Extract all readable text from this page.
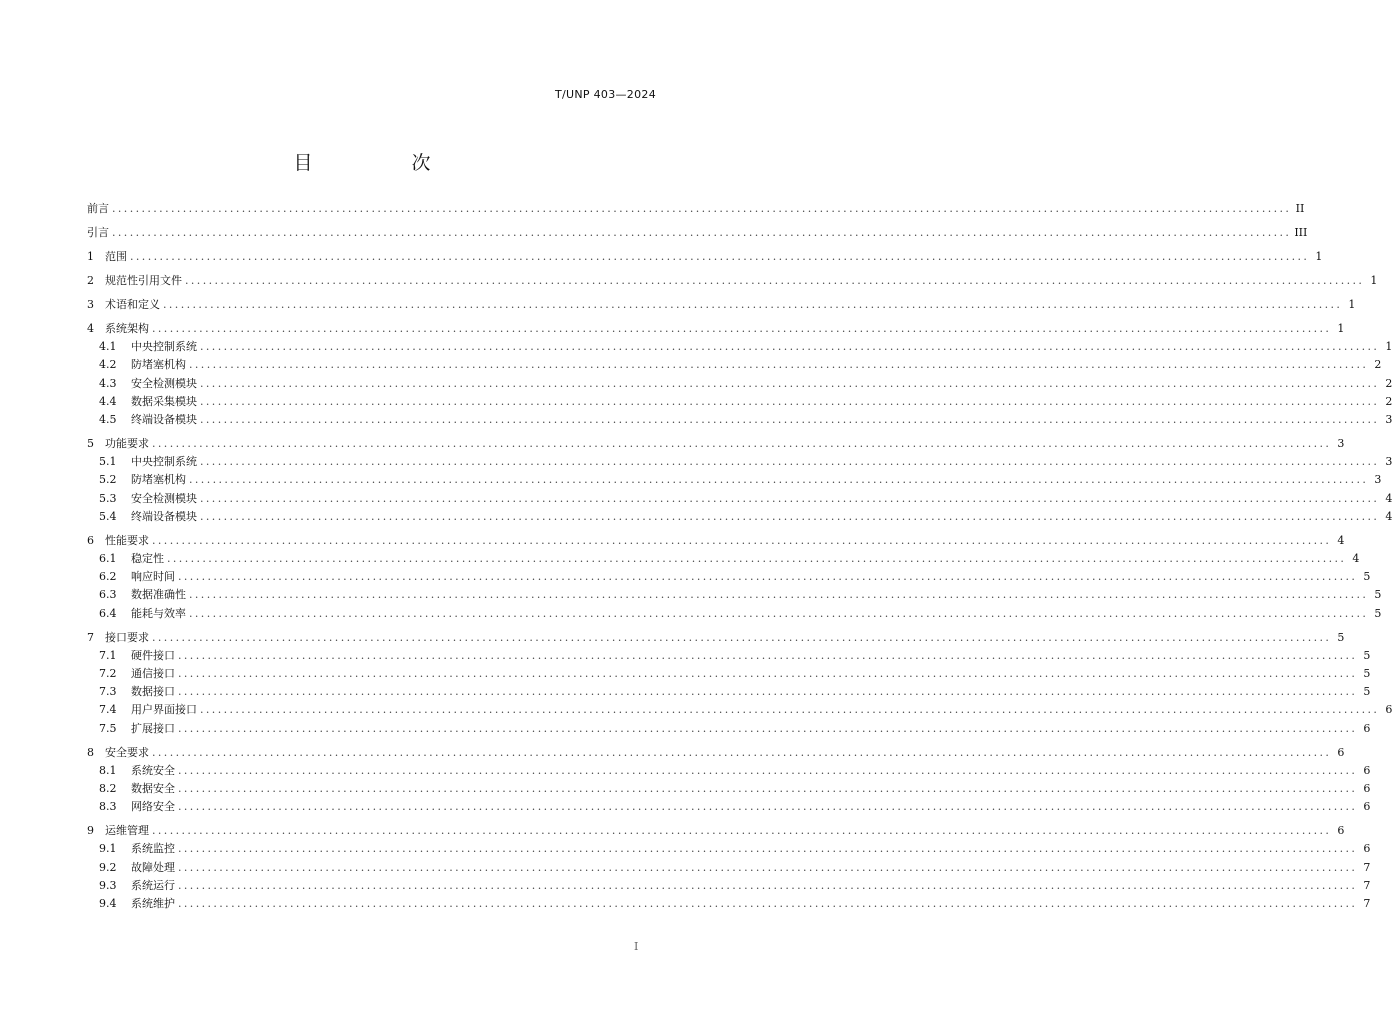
T/UNP 403—2024
目　次
前言 ........................................................................................................................................................................................................ II
引言 ........................................................................................................................................................................................................ III
1	范围 ........................................................................................................................................................................................................ 1
2	规范性引用文件 ........................................................................................................................................................................................................ 1
3	术语和定义 ........................................................................................................................................................................................................ 1
4	系统架构 ........................................................................................................................................................................................................ 1
4.1	中央控制系统 ........................................................................................................................................................................................................ 1
4.2	防堵塞机构 ........................................................................................................................................................................................................ 2
4.3	安全检测模块 ........................................................................................................................................................................................................ 2
4.4	数据采集模块 ........................................................................................................................................................................................................ 2
4.5	终端设备模块 ........................................................................................................................................................................................................ 3
5	功能要求 ........................................................................................................................................................................................................ 3
5.1	中央控制系统 ........................................................................................................................................................................................................ 3
5.2	防堵塞机构 ........................................................................................................................................................................................................ 3
5.3	安全检测模块 ........................................................................................................................................................................................................ 4
5.4	终端设备模块 ........................................................................................................................................................................................................ 4
6	性能要求 ........................................................................................................................................................................................................ 4
6.1	稳定性 ........................................................................................................................................................................................................ 4
6.2	响应时间 ........................................................................................................................................................................................................ 5
6.3	数据准确性 ........................................................................................................................................................................................................ 5
6.4	能耗与效率 ........................................................................................................................................................................................................ 5
7	接口要求 ........................................................................................................................................................................................................ 5
7.1	硬件接口 ........................................................................................................................................................................................................ 5
7.2	通信接口 ........................................................................................................................................................................................................ 5
7.3	数据接口 ........................................................................................................................................................................................................ 5
7.4	用户界面接口 ........................................................................................................................................................................................................ 6
7.5	扩展接口 ........................................................................................................................................................................................................ 6
8	安全要求 ........................................................................................................................................................................................................ 6
8.1	系统安全 ........................................................................................................................................................................................................ 6
8.2	数据安全 ........................................................................................................................................................................................................ 6
8.3	网络安全 ........................................................................................................................................................................................................ 6
9	运维管理 ........................................................................................................................................................................................................ 6
9.1	系统监控 ........................................................................................................................................................................................................ 6
9.2	故障处理 ........................................................................................................................................................................................................ 7
9.3	系统运行 ........................................................................................................................................................................................................ 7
9.4	系统维护 ........................................................................................................................................................................................................ 7
I
